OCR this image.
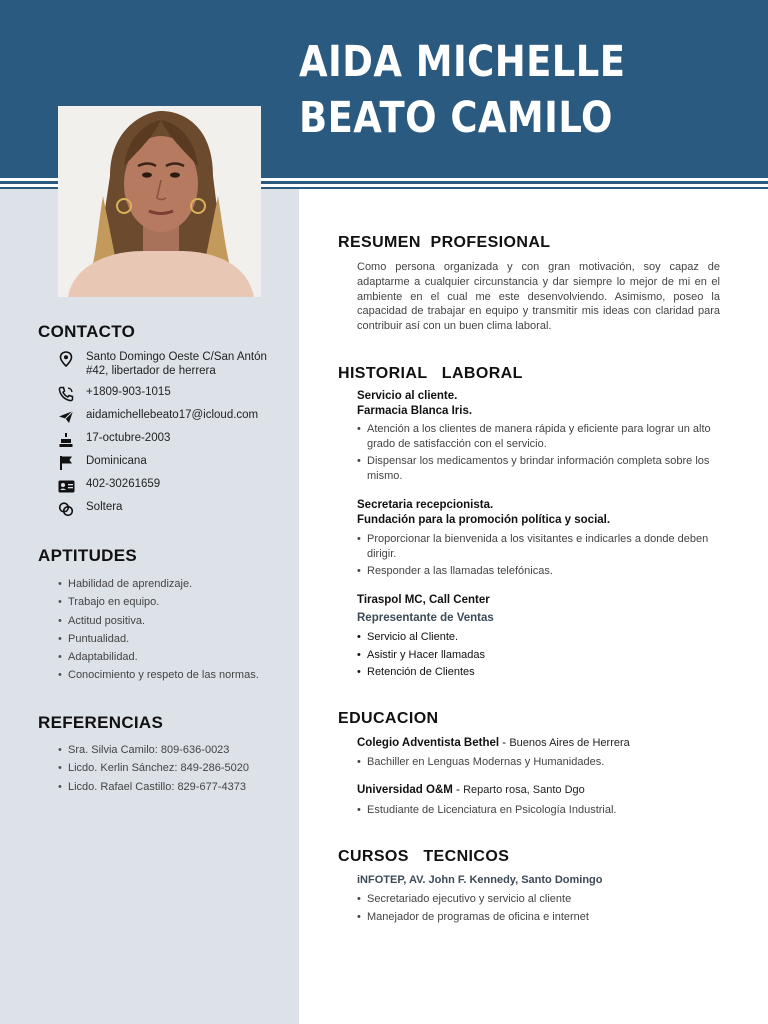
AIDA MICHELLE
BEATO CAMILO
CONTACTO
Santo Domingo Oeste C/San Antón
#42, libertador de herrera
+1809-903-1015
aidamichellebeato17@icloud.com
17-octubre-2003
Dominicana
402-30261659
Soltera
APTITUDES
• Habilidad de aprendizaje.
• Trabajo en equipo.
• Actitud positiva.
• Puntualidad.
• Adaptabilidad.
• Conocimiento y respeto de las normas.
REFERENCIAS
• Sra. Silvia Camilo: 809-636-0023
• Licdo. Kerlin Sánchez: 849-286-5020
• Licdo. Rafael Castillo: 829-677-4373
RESUMEN  PROFESIONAL

Como persona organizada y con gran motivación, soy capaz de adaptarme a cualquier circunstancia y dar siempre lo mejor de mi en el ambiente en el cual me este desenvolviendo. Asimismo, poseo la capacidad de trabajar en equipo y transmitir mis ideas con claridad para contribuir así con un buen clima laboral.

HISTORIAL   LABORAL
Servicio al cliente.
Farmacia Blanca Iris.
• Atención a los clientes de manera rápida y eficiente para lograr un alto grado de satisfacción con el servicio.
• Dispensar los medicamentos y brindar información completa sobre los mismo.
Secretaria recepcionista.
Fundación para la promoción política y social.
• Proporcionar la bienvenida a los visitantes e indicarles a donde deben dirigir.
• Responder a las llamadas telefónicas.
Tiraspol MC, Call Center
Representante de Ventas
• Servicio al Cliente.
• Asistir y Hacer llamadas
• Retención de Clientes
EDUCACION
Colegio Adventista Bethel - Buenos Aires de Herrera
• Bachiller en Lenguas Modernas y Humanidades.
Universidad O&M - Reparto rosa, Santo Dgo
• Estudiante de Licenciatura en Psicología Industrial.
CURSOS   TECNICOS
iNFOTEP, AV. John F. Kennedy, Santo Domingo
• Secretariado ejecutivo y servicio al cliente
• Manejador de programas de oficina e internet
